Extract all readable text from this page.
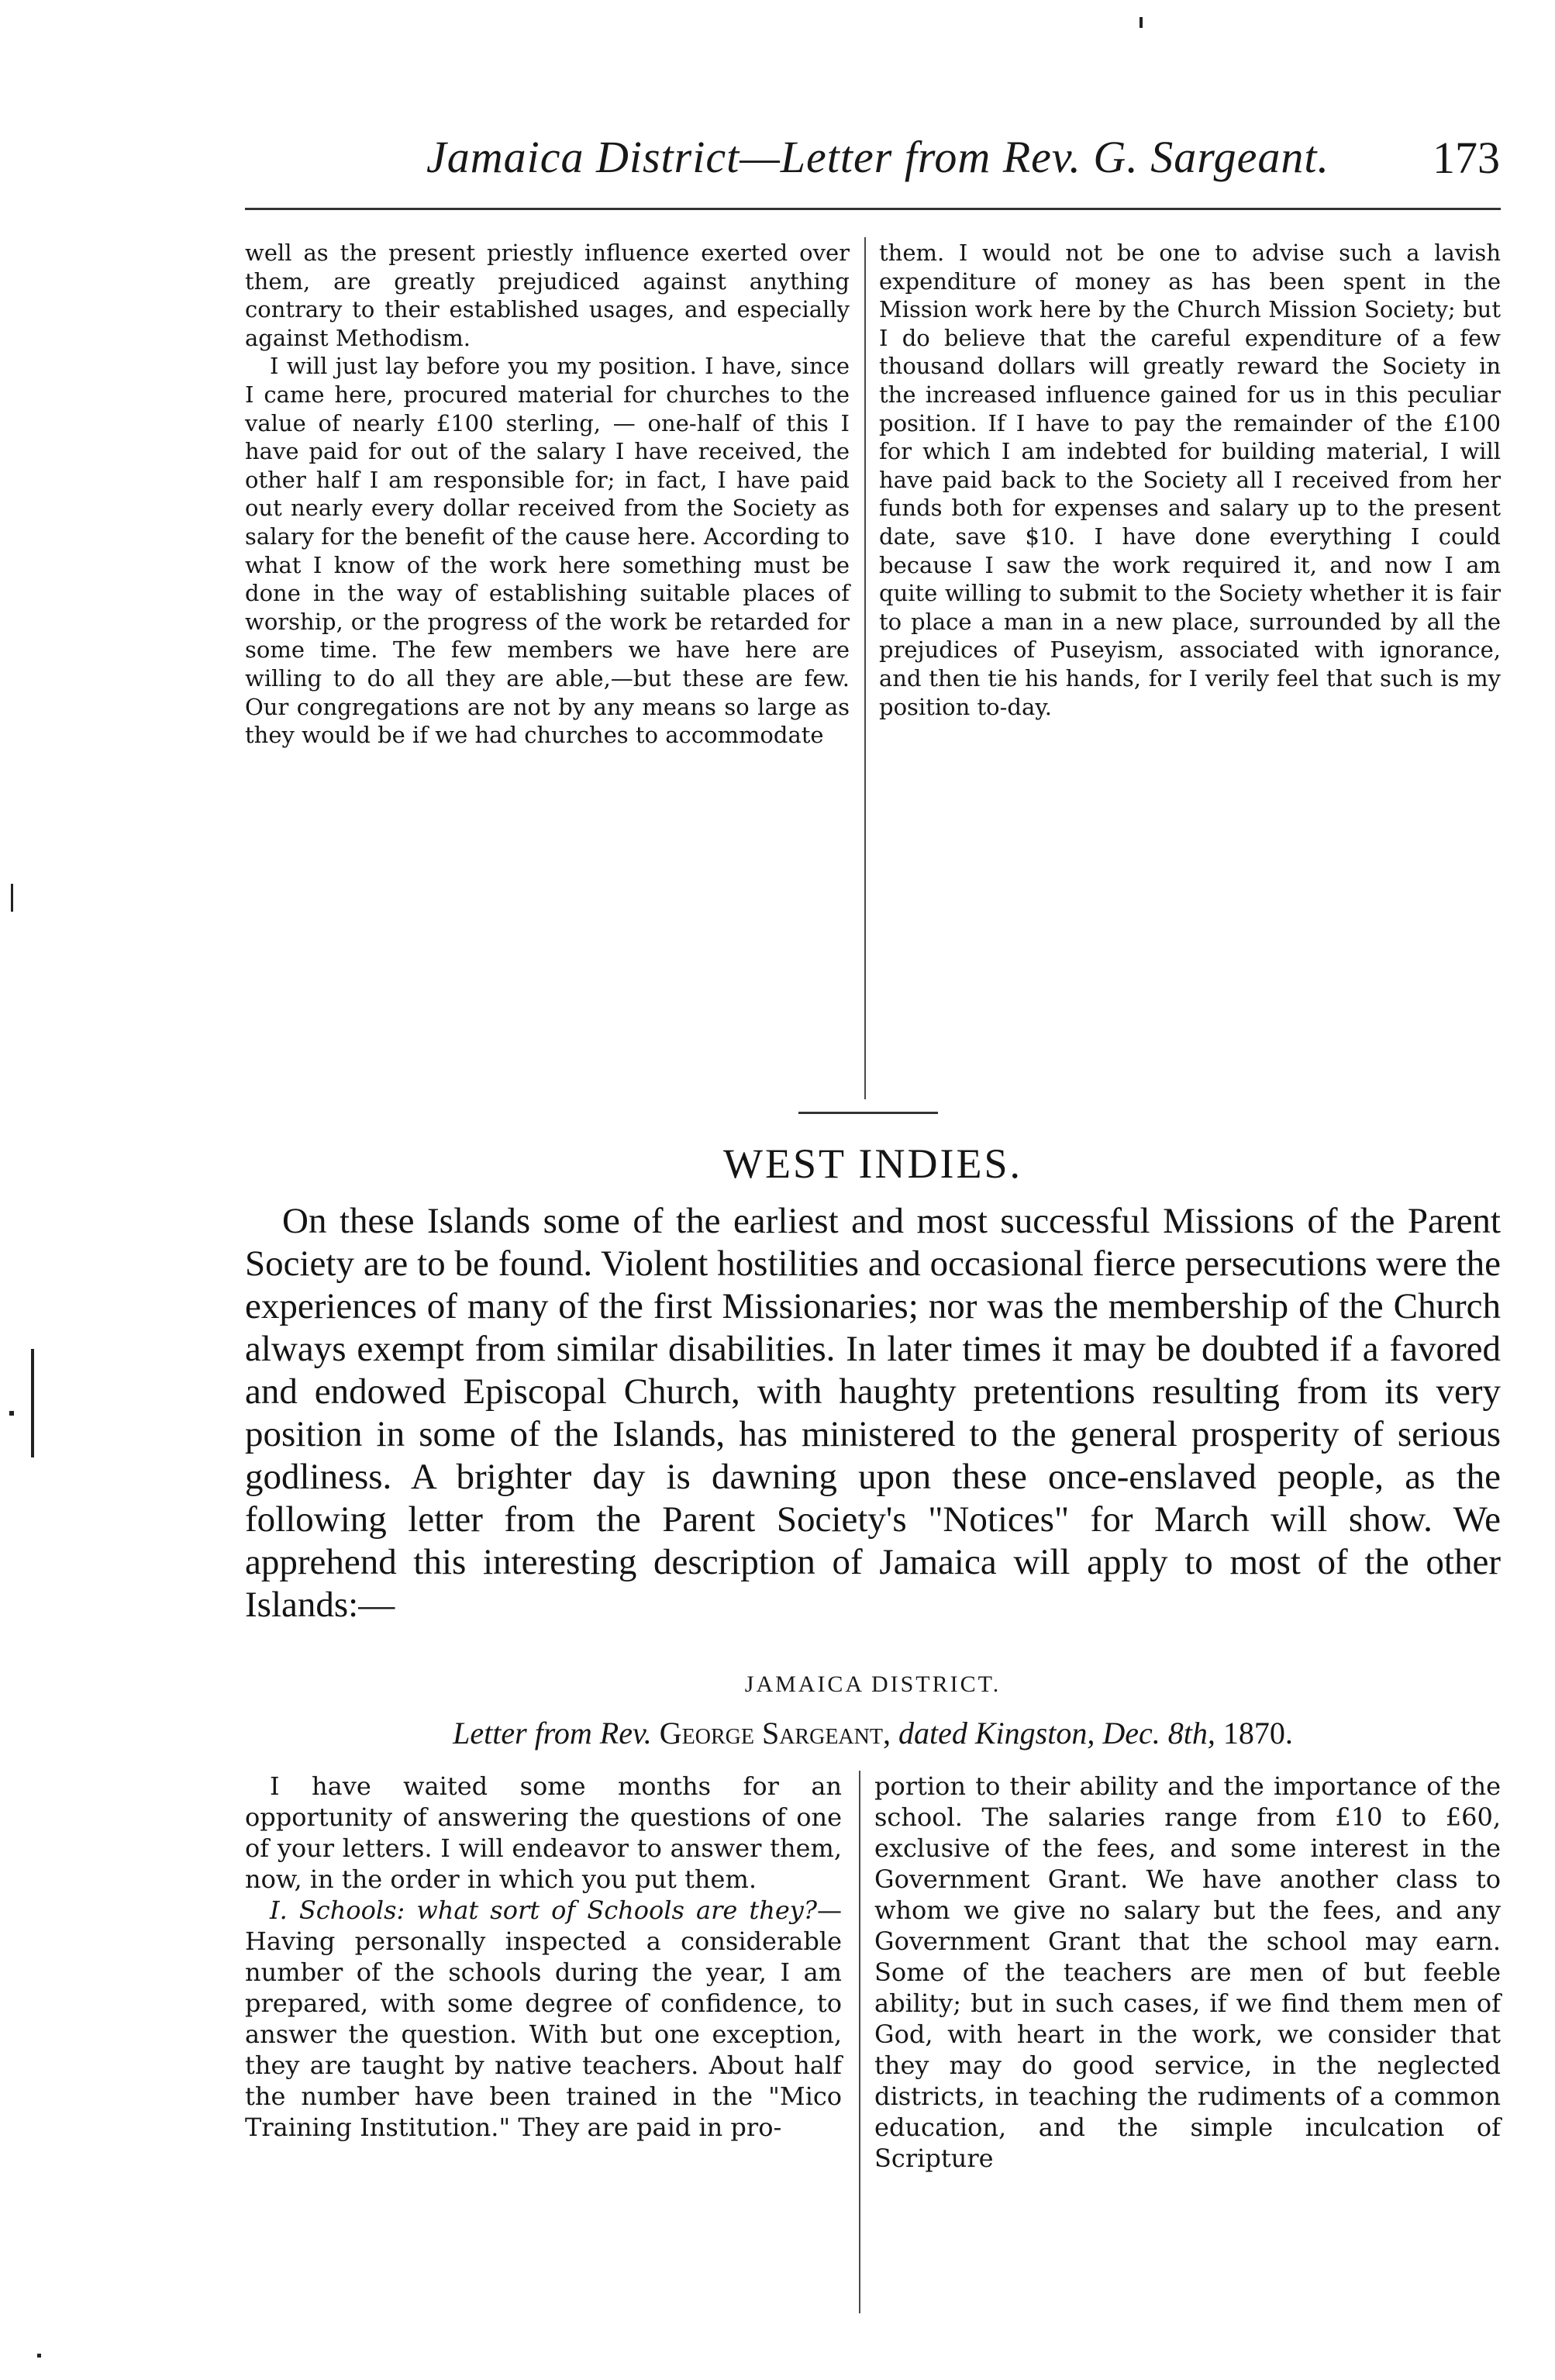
Jamaica District—Letter from Rev. G. Sargeant. 173

well as the present priestly influence exerted over them, are greatly prejudiced against anything contrary to their established usages, and especially against Methodism.

I will just lay before you my position. I have, since I came here, procured material for churches to the value of nearly £100 sterling, — one-half of this I have paid for out of the salary I have received, the other half I am responsible for; in fact, I have paid out nearly every dollar received from the Society as salary for the benefit of the cause here. According to what I know of the work here something must be done in the way of establishing suitable places of worship, or the progress of the work be retarded for some time. The few members we have here are willing to do all they are able,—but these are few. Our congregations are not by any means so large as they would be if we had churches to accommodate

them. I would not be one to advise such a lavish expenditure of money as has been spent in the Mission work here by the Church Mission Society; but I do believe that the careful expenditure of a few thousand dollars will greatly reward the Society in the increased influence gained for us in this peculiar position. If I have to pay the remainder of the £100 for which I am indebted for building material, I will have paid back to the Society all I received from her funds both for expenses and salary up to the present date, save $10. I have done everything I could because I saw the work required it, and now I am quite willing to submit to the Society whether it is fair to place a man in a new place, surrounded by all the prejudices of Puseyism, associated with ignorance, and then tie his hands, for I verily feel that such is my position to-day.

WEST INDIES.
On these Islands some of the earliest and most successful Missions of the Parent Society are to be found. Violent hostilities and occasional fierce persecutions were the experiences of many of the first Missionaries; nor was the membership of the Church always exempt from similar disabilities. In later times it may be doubted if a favored and endowed Episcopal Church, with haughty pretentions resulting from its very position in some of the Islands, has ministered to the general prosperity of serious godliness. A brighter day is dawning upon these once-enslaved people, as the following letter from the Parent Society's "Notices" for March will show. We apprehend this interesting description of Jamaica will apply to most of the other Islands:—
JAMAICA DISTRICT.
Letter from Rev. George Sargeant, dated Kingston, Dec. 8th, 1870.

I have waited some months for an opportunity of answering the questions of one of your letters. I will endeavor to answer them, now, in the order in which you put them.

I. Schools: what sort of Schools are they?—Having personally inspected a considerable number of the schools during the year, I am prepared, with some degree of confidence, to answer the question. With but one exception, they are taught by native teachers. About half the number have been trained in the "Mico Training Institution." They are paid in pro-

portion to their ability and the importance of the school. The salaries range from £10 to £60, exclusive of the fees, and some interest in the Government Grant. We have another class to whom we give no salary but the fees, and any Government Grant that the school may earn. Some of the teachers are men of but feeble ability; but in such cases, if we find them men of God, with heart in the work, we consider that they may do good service, in the neglected districts, in teaching the rudiments of a common education, and the simple inculcation of Scripture
